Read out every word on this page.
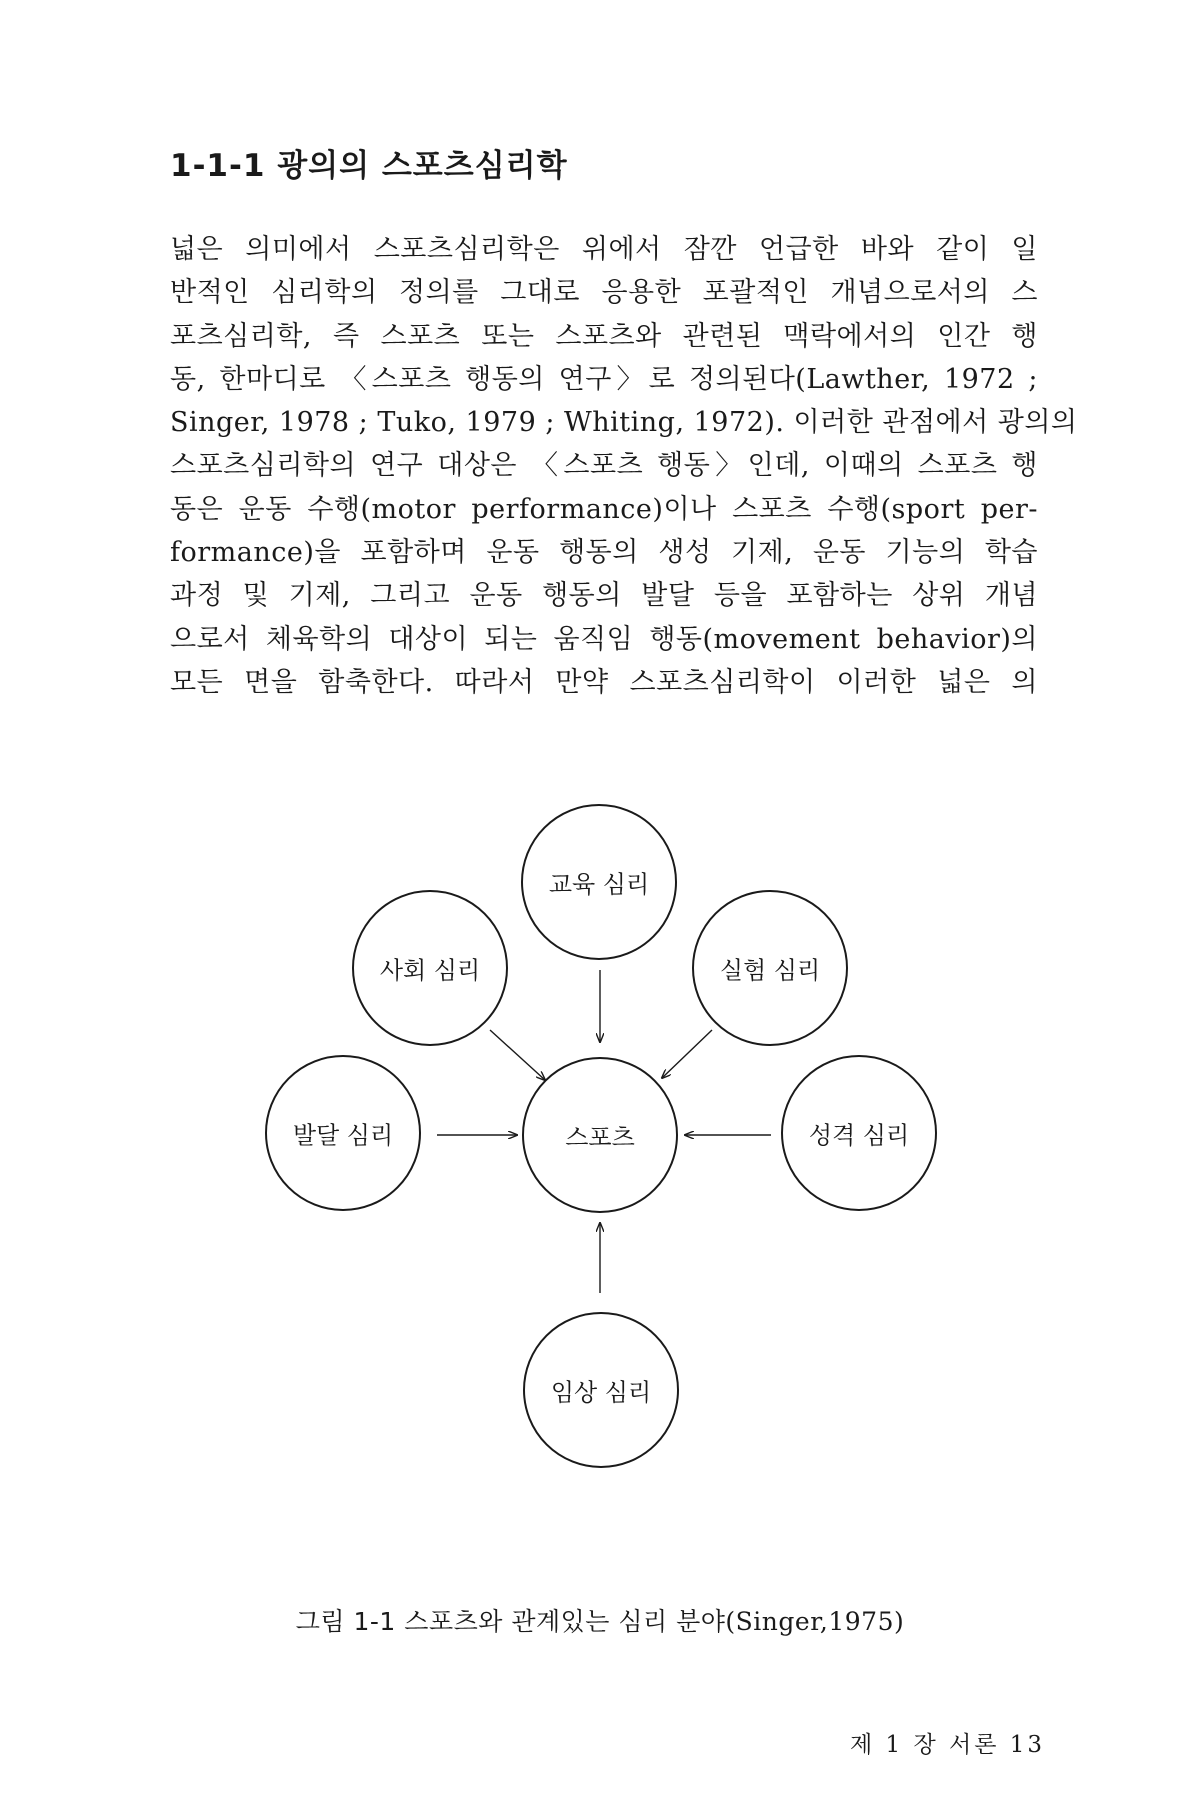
1-1-1 광의의 스포츠심리학
넓은 의미에서 스포츠심리학은 위에서 잠깐 언급한 바와 같이 일
반적인 심리학의 정의를 그대로 응용한 포괄적인 개념으로서의 스
포츠심리학, 즉 스포츠 또는 스포츠와 관련된 맥락에서의 인간 행
동, 한마디로 〈스포츠 행동의 연구〉로 정의된다(Lawther, 1972 ;
Singer, 1978 ; Tuko, 1979 ; Whiting, 1972). 이러한 관점에서 광의의
스포츠심리학의 연구 대상은 〈스포츠 행동〉인데, 이때의 스포츠 행
동은 운동 수행(motor performance)이나 스포츠 수행(sport per-
formance)을 포함하며 운동 행동의 생성 기제, 운동 기능의 학습
과정 및 기제, 그리고 운동 행동의 발달 등을 포함하는 상위 개념
으로서 체육학의 대상이 되는 움직임 행동(movement behavior)의
모든 면을 함축한다. 따라서 만약 스포츠심리학이 이러한 넓은 의
교육 심리
사회 심리	실험 심리
발달 심리	스포츠	성격 심리
임상 심리
그림 1-1 스포츠와 관계있는 심리 분야(Singer,1975)
제 1 장 서론 13
